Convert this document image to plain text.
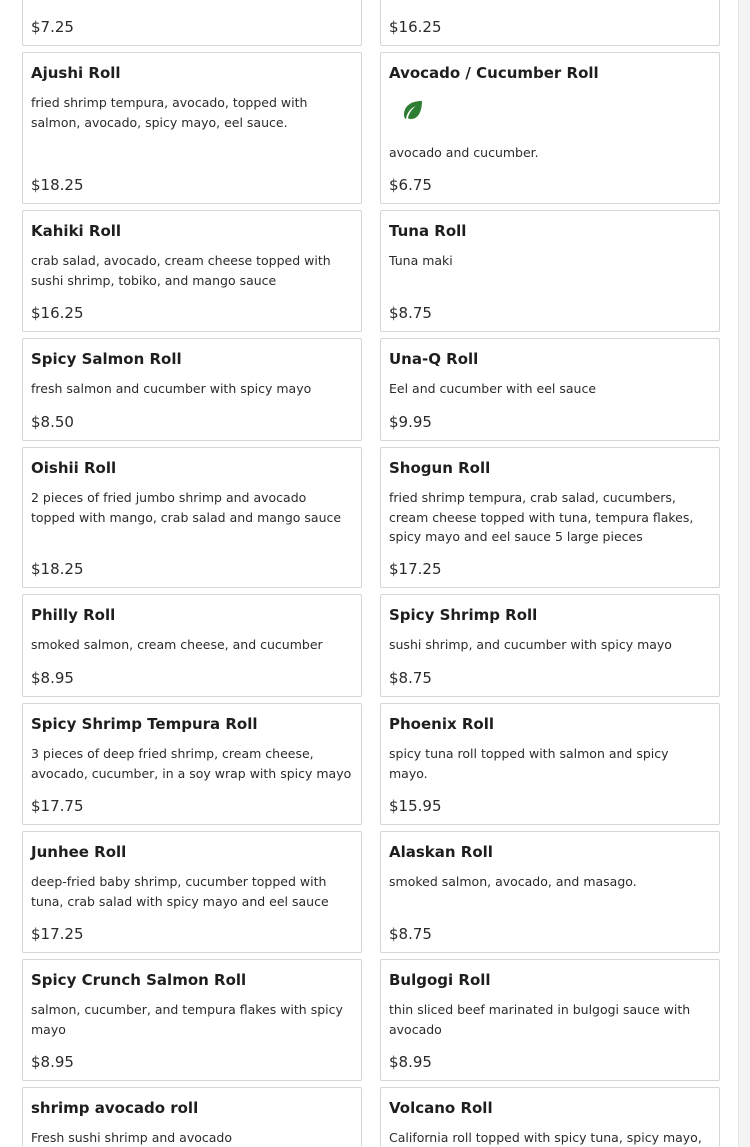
$7.25	$16.25
Ajushi Roll
fried shrimp tempura, avocado, topped with salmon, avocado, spicy mayo, eel sauce.
$18.25
Avocado / Cucumber Roll
avocado and cucumber.
$6.75
Kahiki Roll
crab salad, avocado, cream cheese topped with sushi shrimp, tobiko, and mango sauce
$16.25
Tuna Roll
Tuna maki
$8.75
Spicy Salmon Roll
fresh salmon and cucumber with spicy mayo
$8.50
Una-Q Roll
Eel and cucumber with eel sauce
$9.95
Oishii Roll
2 pieces of fried jumbo shrimp and avocado topped with mango, crab salad and mango sauce
$18.25
Shogun Roll
fried shrimp tempura, crab salad, cucumbers, cream cheese topped with tuna, tempura flakes, spicy mayo and eel sauce 5 large pieces
$17.25
Philly Roll
smoked salmon, cream cheese, and cucumber
$8.95
Spicy Shrimp Roll
sushi shrimp, and cucumber with spicy mayo
$8.75
Spicy Shrimp Tempura Roll
3 pieces of deep fried shrimp, cream cheese, avocado, cucumber, in a soy wrap with spicy mayo
$17.75
Phoenix Roll
spicy tuna roll topped with salmon and spicy mayo.
$15.95
Junhee Roll
deep-fried baby shrimp, cucumber topped with tuna, crab salad with spicy mayo and eel sauce
$17.25
Alaskan Roll
smoked salmon, avocado, and masago.
$8.75
Spicy Crunch Salmon Roll
salmon, cucumber, and tempura flakes with spicy mayo
$8.95
Bulgogi Roll
thin sliced beef marinated in bulgogi sauce with avocado
$8.95
shrimp avocado roll
Fresh sushi shrimp and avocado
Volcano Roll
California roll topped with spicy tuna, spicy mayo,
